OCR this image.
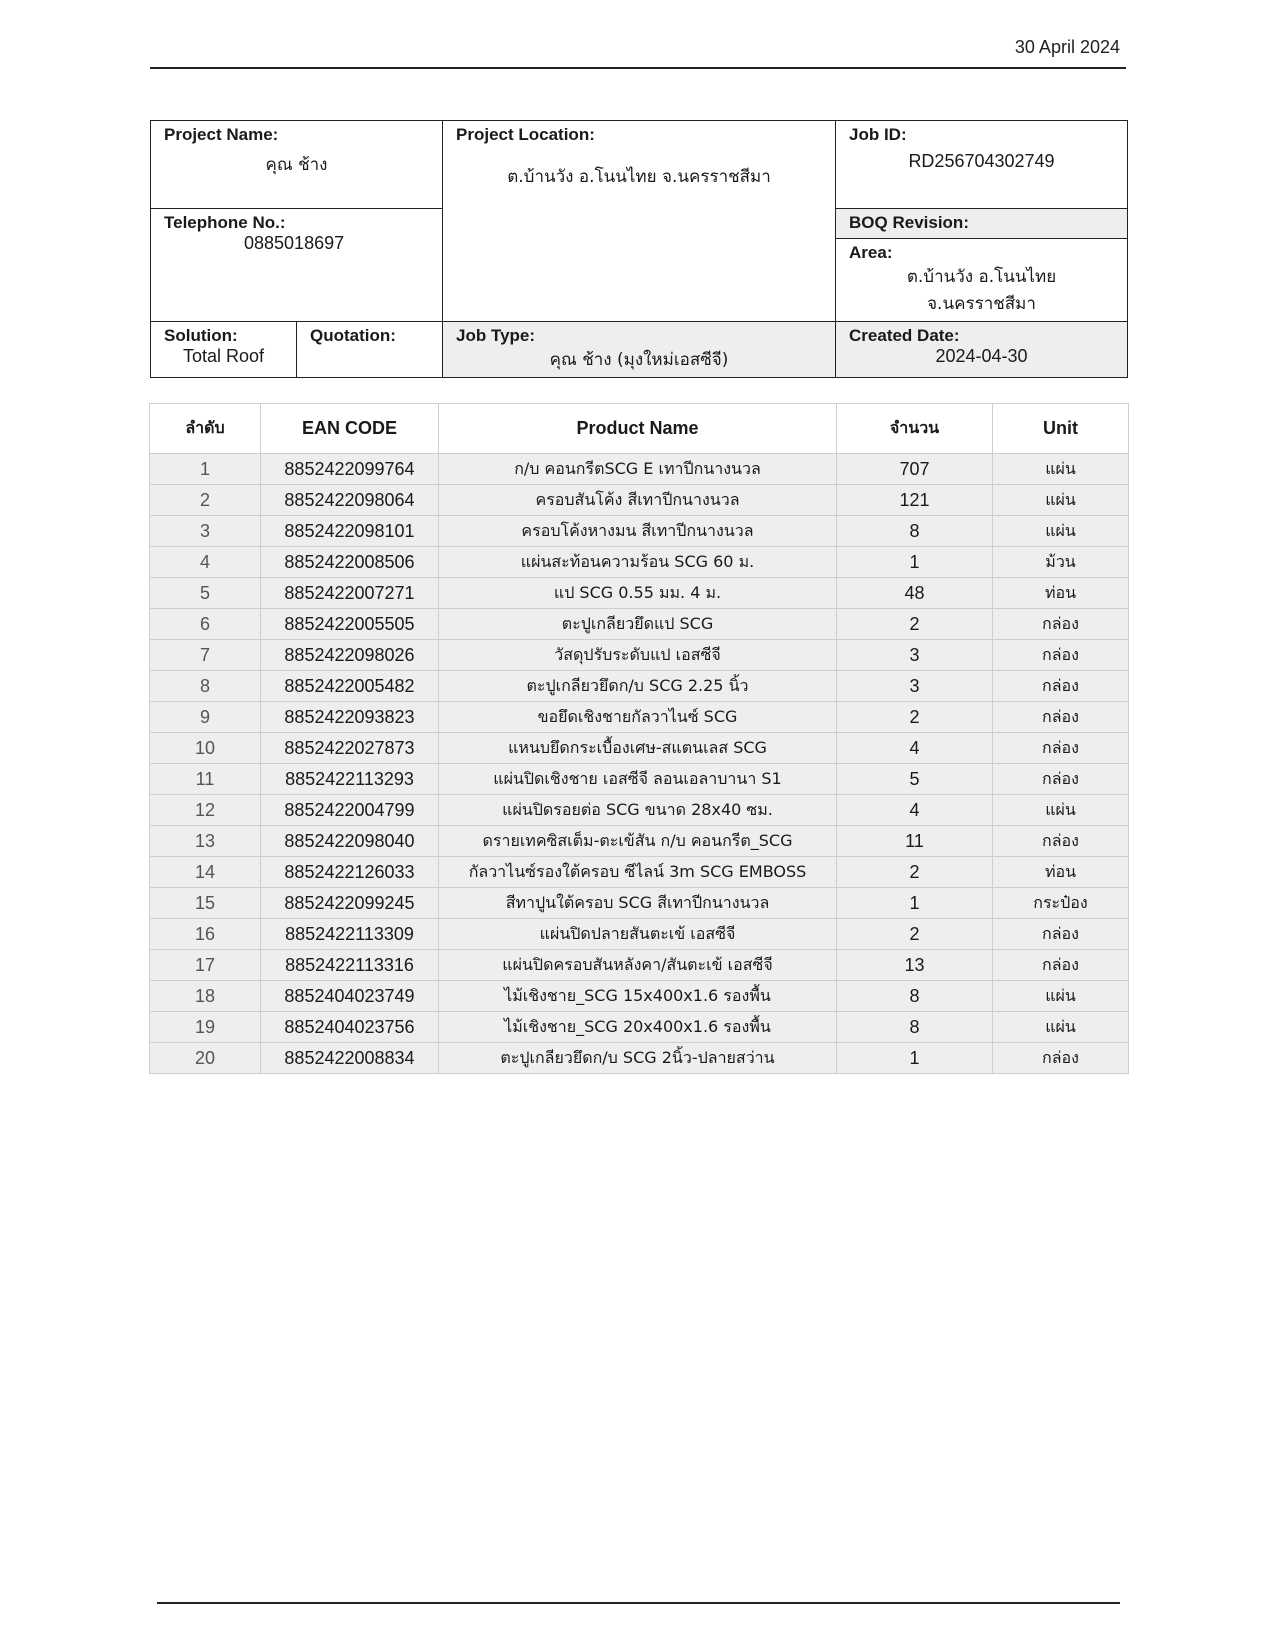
30 April 2024
Project Name:
คุณ ช้าง		Project Location:
ต.บ้านวัง อ.โนนไทย จ.นครราชสีมา	Job ID:
RD256704302749

Telephone No.:
0885018697			BOQ Revision:

			Area:
ต.บ้านวัง อ.โนนไทย
จ.นครราชสีมา

Solution:
Total Roof	Quotation:	Job Type:
คุณ ช้าง (มุงใหม่เอสซีจี)	Created Date:
2024-04-30
ลำดับ	EAN CODE	Product Name	จำนวน	Unit
1	8852422099764	ก/บ คอนกรีตSCG E เทาปีกนางนวล	707	แผ่น
2	8852422098064	ครอบสันโค้ง สีเทาปีกนางนวล	121	แผ่น
3	8852422098101	ครอบโค้งหางมน สีเทาปีกนางนวล	8	แผ่น
4	8852422008506	แผ่นสะท้อนความร้อน SCG 60 ม.	1	ม้วน
5	8852422007271	แป SCG 0.55 มม. 4 ม.	48	ท่อน
6	8852422005505	ตะปูเกลียวยึดแป SCG	2	กล่อง
7	8852422098026	วัสดุปรับระดับแป เอสซีจี	3	กล่อง
8	8852422005482	ตะปูเกลียวยึดก/บ SCG 2.25 นิ้ว	3	กล่อง
9	8852422093823	ขอยึดเชิงชายกัลวาไนซ์ SCG	2	กล่อง
10	8852422027873	แหนบยึดกระเบื้องเศษ-สแตนเลส SCG	4	กล่อง
11	8852422113293	แผ่นปิดเชิงชาย เอสซีจี ลอนเอลาบานา S1	5	กล่อง
12	8852422004799	แผ่นปิดรอยต่อ SCG ขนาด 28x40 ซม.	4	แผ่น
13	8852422098040	ดรายเทคซิสเต็ม-ตะเข้สัน ก/บ คอนกรีต_SCG	11	กล่อง
14	8852422126033	กัลวาไนซ์รองใต้ครอบ ซีไลน์ 3m SCG EMBOSS	2	ท่อน
15	8852422099245	สีทาปูนใต้ครอบ SCG สีเทาปีกนางนวล	1	กระป๋อง
16	8852422113309	แผ่นปิดปลายสันตะเข้ เอสซีจี	2	กล่อง
17	8852422113316	แผ่นปิดครอบสันหลังคา/สันตะเข้ เอสซีจี	13	กล่อง
18	8852404023749	ไม้เชิงชาย_SCG 15x400x1.6 รองพื้น	8	แผ่น
19	8852404023756	ไม้เชิงชาย_SCG 20x400x1.6 รองพื้น	8	แผ่น
20	8852422008834	ตะปูเกลียวยึดก/บ SCG 2นิ้ว-ปลายสว่าน	1	กล่อง
